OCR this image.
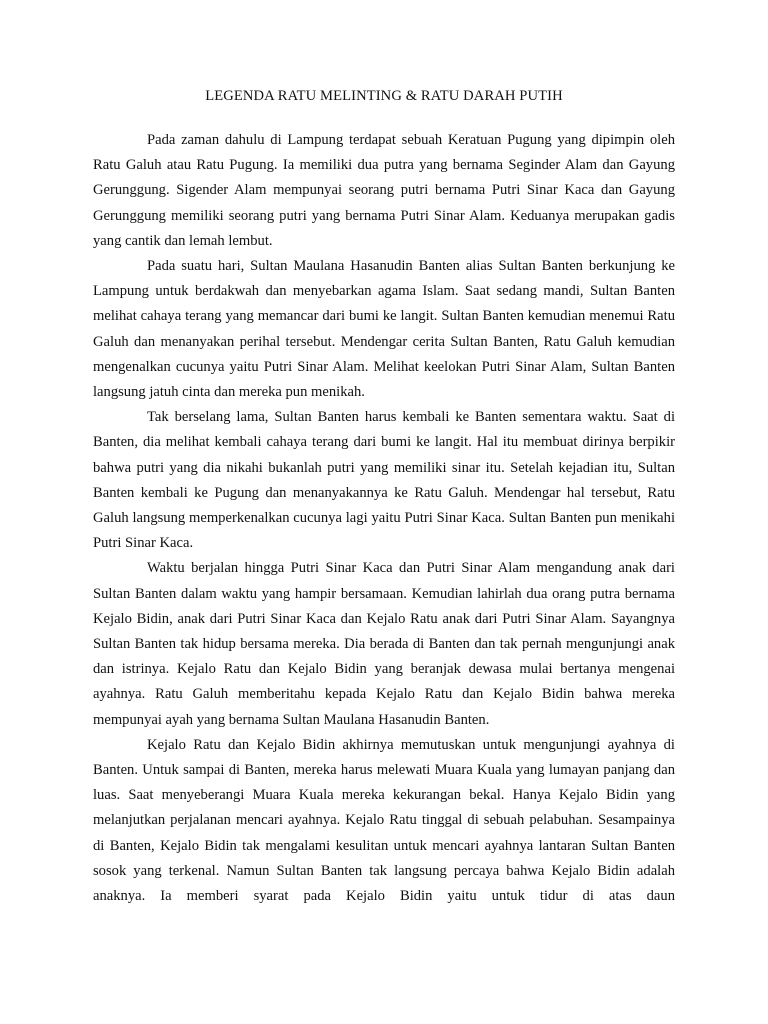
LEGENDA RATU MELINTING & RATU DARAH PUTIH

Pada zaman dahulu di Lampung terdapat sebuah Keratuan Pugung yang dipimpin oleh Ratu Galuh atau Ratu Pugung. Ia memiliki dua putra yang bernama Seginder Alam dan Gayung Gerunggung. Sigender Alam mempunyai seorang putri bernama Putri Sinar Kaca dan Gayung Gerunggung memiliki seorang putri yang bernama Putri Sinar Alam. Keduanya merupakan gadis yang cantik dan lemah lembut.

Pada suatu hari, Sultan Maulana Hasanudin Banten alias Sultan Banten berkunjung ke Lampung untuk berdakwah dan menyebarkan agama Islam. Saat sedang mandi, Sultan Banten melihat cahaya terang yang memancar dari bumi ke langit. Sultan Banten kemudian menemui Ratu Galuh dan menanyakan perihal tersebut. Mendengar cerita Sultan Banten, Ratu Galuh kemudian mengenalkan cucunya yaitu Putri Sinar Alam. Melihat keelokan Putri Sinar Alam, Sultan Banten langsung jatuh cinta dan mereka pun menikah.

Tak berselang lama, Sultan Banten harus kembali ke Banten sementara waktu. Saat di Banten, dia melihat kembali cahaya terang dari bumi ke langit. Hal itu membuat dirinya berpikir bahwa putri yang dia nikahi bukanlah putri yang memiliki sinar itu. Setelah kejadian itu, Sultan Banten kembali ke Pugung dan menanyakannya ke Ratu Galuh. Mendengar hal tersebut, Ratu Galuh langsung memperkenalkan cucunya lagi yaitu Putri Sinar Kaca. Sultan Banten pun menikahi Putri Sinar Kaca.

Waktu berjalan hingga Putri Sinar Kaca dan Putri Sinar Alam mengandung anak dari Sultan Banten dalam waktu yang hampir bersamaan. Kemudian lahirlah dua orang putra bernama Kejalo Bidin, anak dari Putri Sinar Kaca dan Kejalo Ratu anak dari Putri Sinar Alam. Sayangnya Sultan Banten tak hidup bersama mereka. Dia berada di Banten dan tak pernah mengunjungi anak dan istrinya. Kejalo Ratu dan Kejalo Bidin yang beranjak dewasa mulai bertanya mengenai ayahnya. Ratu Galuh memberitahu kepada Kejalo Ratu dan Kejalo Bidin bahwa mereka mempunyai ayah yang bernama Sultan Maulana Hasanudin Banten.

Kejalo Ratu dan Kejalo Bidin akhirnya memutuskan untuk mengunjungi ayahnya di Banten. Untuk sampai di Banten, mereka harus melewati Muara Kuala yang lumayan panjang dan luas. Saat menyeberangi Muara Kuala mereka kekurangan bekal. Hanya Kejalo Bidin yang melanjutkan perjalanan mencari ayahnya. Kejalo Ratu tinggal di sebuah pelabuhan. Sesampainya di Banten, Kejalo Bidin tak mengalami kesulitan untuk mencari ayahnya lantaran Sultan Banten sosok yang terkenal. Namun Sultan Banten tak langsung percaya bahwa Kejalo Bidin adalah anaknya. Ia memberi syarat pada Kejalo Bidin yaitu untuk tidur di atas daun
